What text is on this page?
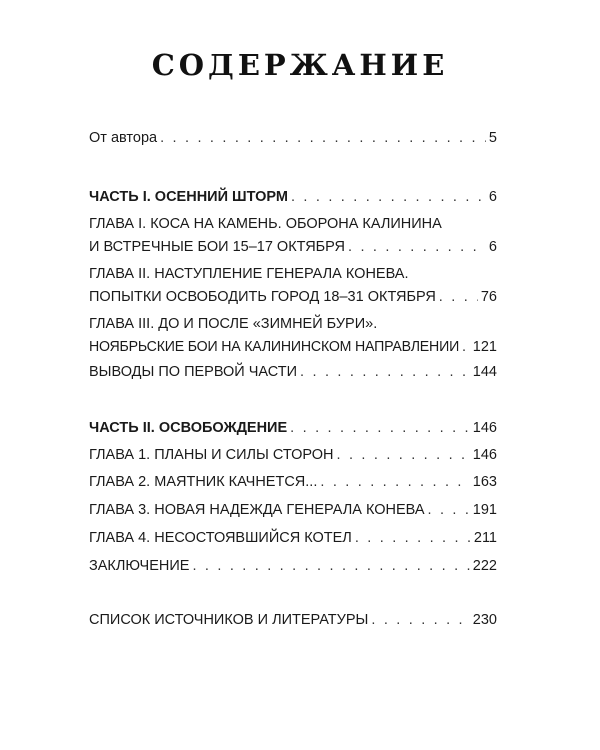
СОДЕРЖАНИЕ
От автора . . .	5
ЧАСТЬ I. ОСЕННИЙ ШТОРМ . . .	6
ГЛАВА I. КОСА НА КАМЕНЬ. ОБОРОНА КАЛИНИНА
И ВСТРЕЧНЫЕ БОИ 15–17 ОКТЯБРЯ . . .	6
ГЛАВА II. НАСТУПЛЕНИЕ ГЕНЕРАЛА КОНЕВА.
ПОПЫТКИ ОСВОБОДИТЬ ГОРОД 18–31 ОКТЯБРЯ . . .	76
ГЛАВА III. ДО И ПОСЛЕ «ЗИМНЕЙ БУРИ».
НОЯБРЬСКИЕ БОИ НА КАЛИНИНСКОМ НАПРАВЛЕНИИ . . . 121
ВЫВОДЫ ПО ПЕРВОЙ ЧАСТИ . . .	144
ЧАСТЬ II. ОСВОБОЖДЕНИЕ . . .	146
ГЛАВА 1. ПЛАНЫ И СИЛЫ СТОРОН . . .	146
ГЛАВА 2. МАЯТНИК КАЧНЕТСЯ... . . .	163
ГЛАВА 3. НОВАЯ НАДЕЖДА ГЕНЕРАЛА КОНЕВА . . .	191
ГЛАВА 4. НЕСОСТОЯВШИЙСЯ КОТЕЛ . . .	211
ЗАКЛЮЧЕНИЕ . . .	222
СПИСОК ИСТОЧНИКОВ И ЛИТЕРАТУРЫ . . .	230
